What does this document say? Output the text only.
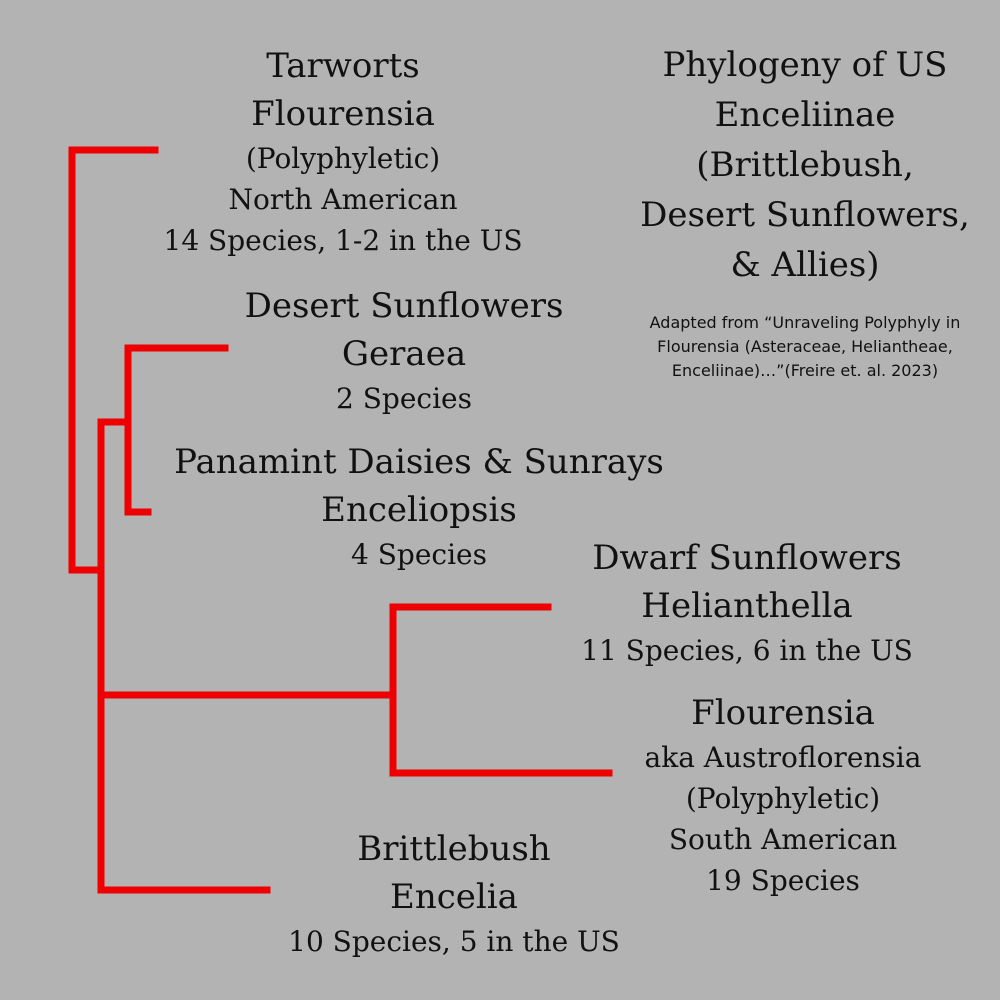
Phylogeny of US
Enceliinae
(Brittlebush,
Desert Sunflowers,
& Allies)
Adapted from “Unraveling Polyphyly in
Flourensia (Asteraceae, Heliantheae,
Enceliinae)…”(Freire et. al. 2023)
Tarworts
Flourensia
(Polyphyletic)
North American
14 Species, 1-2 in the US
Desert Sunflowers
Geraea
2 Species
Panamint Daisies & Sunrays
Enceliopsis
4 Species	Dwarf Sunflowers
Helianthella
11 Species, 6 in the US
Flourensia
aka Austroflorensia
(Polyphyletic)
South American
19 Species
Brittlebush
Encelia
10 Species, 5 in the US
